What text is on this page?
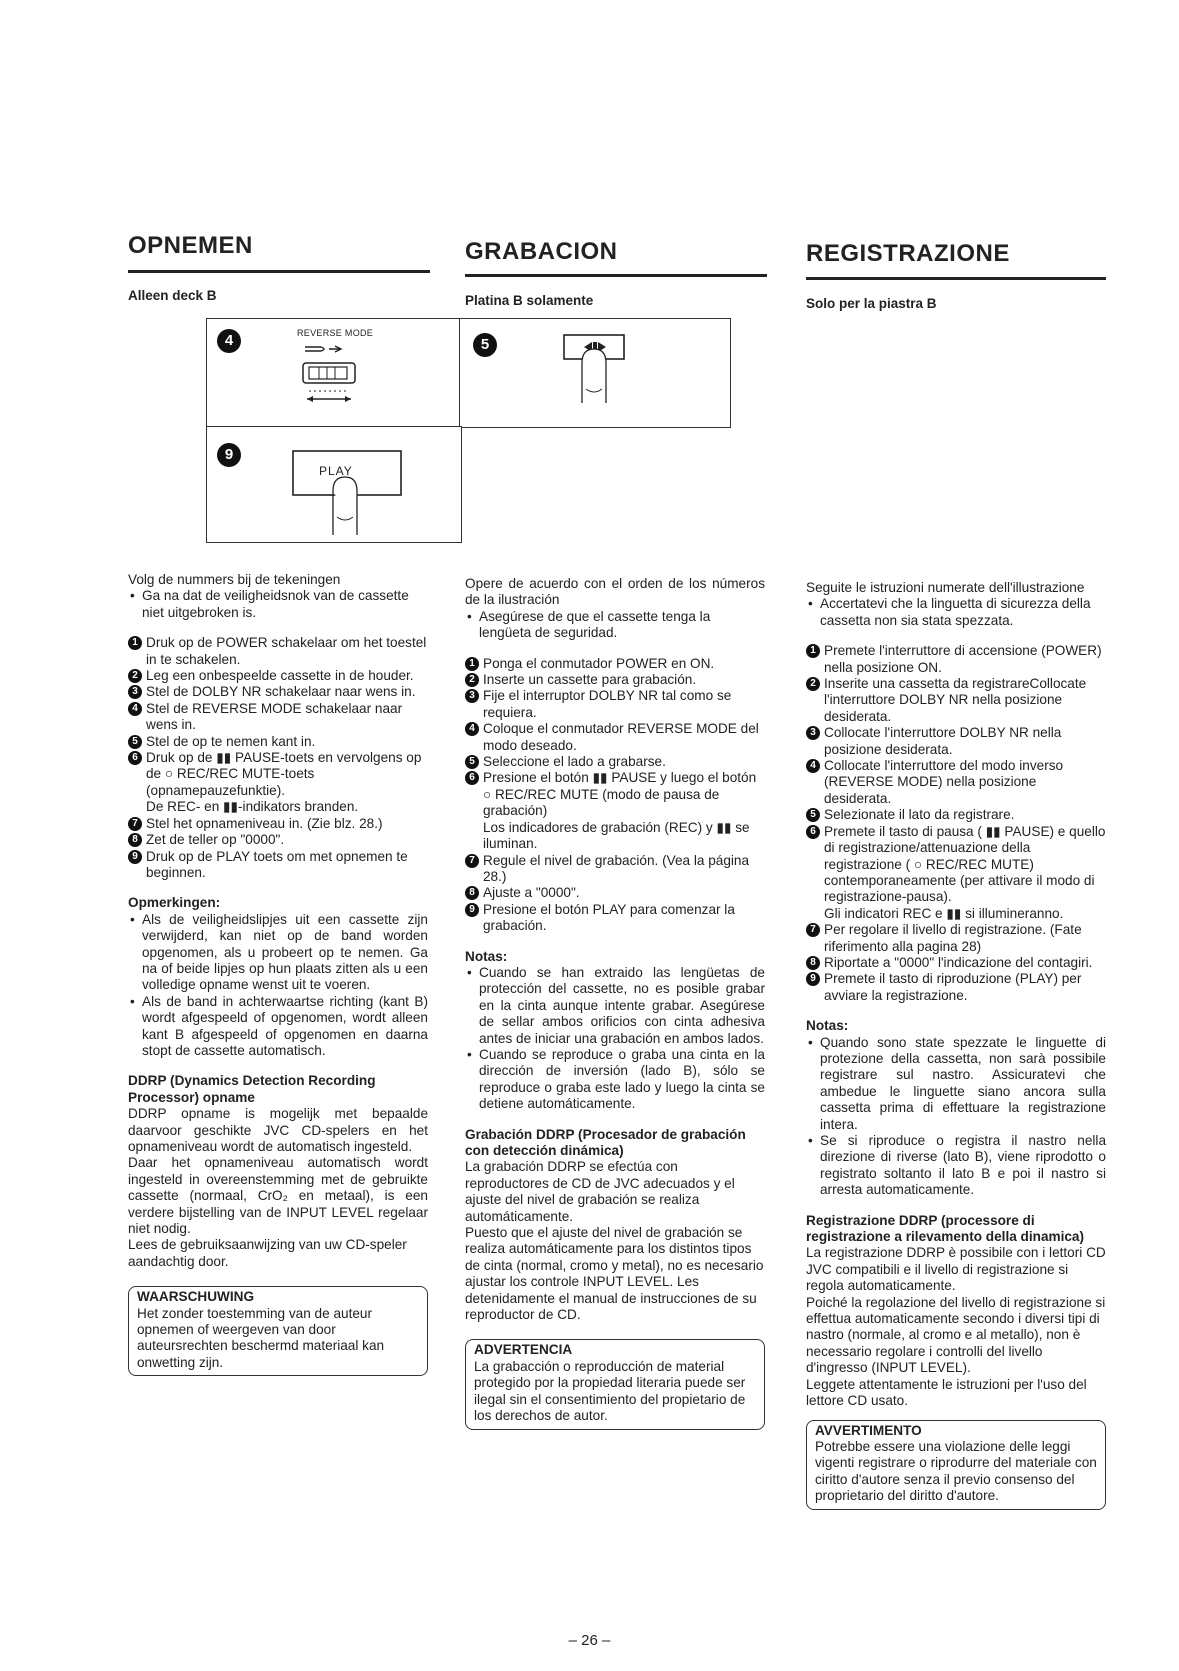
OPNEMEN
Alleen deck B
GRABACION
Platina B solamente
REGISTRAZIONE
Solo per la piastra B
4	REVERSE MODE
5
9
PLAY

Volg de nummers bij de tekeningen

• Ga na dat de veiligheidsnok van de cassette niet uitgebroken is.
1 Druk op de POWER schakelaar om het toestel in te schakelen.
2 Leg een onbespeelde cassette in de houder.
3 Stel de DOLBY NR schakelaar naar wens in.
4 Stel de REVERSE MODE schakelaar naar wens in.
5 Stel de op te nemen kant in.
6 Druk op de ▮▮ PAUSE-toets en vervolgens op de ○ REC/REC MUTE-toets (opnamepauzefunktie).
De REC- en ▮▮-indikators branden.
7 Stel het opnameniveau in. (Zie blz. 28.)
8 Zet de teller op "0000".
9 Druk op de PLAY toets om met opnemen te beginnen.

Opmerkingen:

• Als de veiligheidslipjes uit een cassette zijn verwijderd, kan niet op de band worden opgenomen, als u probeert op te nemen. Ga na of beide lipjes op hun plaats zitten als u een volledige opname wenst uit te voeren.
• Als de band in achterwaartse richting (kant B) wordt afgespeeld of opgenomen, wordt alleen kant B afgespeeld of opgenomen en daarna stopt de cassette automatisch.

DDRP (Dynamics Detection Recording Processor) opname

DDRP opname is mogelijk met bepaalde daarvoor geschikte JVC CD-spelers en het opnameniveau wordt de automatisch ingesteld.

Daar het opnameniveau automatisch wordt ingesteld in overeenstemming met de gebruikte cassette (normaal, CrO₂ en metaal), is een verdere bijstelling van de INPUT LEVEL regelaar niet nodig.

Lees de gebruiksaanwijzing van uw CD-speler aandachtig door.

WAARSCHUWING
Het zonder toestemming van de auteur opnemen of weergeven van door auteursrechten beschermd materiaal kan onwetting zijn.

Opere de acuerdo con el orden de los números de la ilustración

• Asegúrese de que el cassette tenga la lengüeta de seguridad.
1 Ponga el conmutador POWER en ON.
2 Inserte un cassette para grabación.
3 Fije el interruptor DOLBY NR tal como se requiera.
4 Coloque el conmutador REVERSE MODE del modo deseado.
5 Seleccione el lado a grabarse.
6 Presione el botón ▮▮ PAUSE y luego el botón ○ REC/REC MUTE (modo de pausa de grabación)
Los indicadores de grabación (REC) y ▮▮ se iluminan.
7 Regule el nivel de grabación. (Vea la página 28.)
8 Ajuste a "0000".
9 Presione el botón PLAY para comenzar la grabación.

Notas:

• Cuando se han extraido las lengüetas de protección del cassette, no es posible grabar en la cinta aunque intente grabar. Asegúrese de sellar ambos orificios con cinta adhesiva antes de iniciar una grabación en ambos lados.
• Cuando se reproduce o graba una cinta en la dirección de inversión (lado B), sólo se reproduce o graba este lado y luego la cinta se detiene automáticamente.

Grabación DDRP (Procesador de grabación con detección dinámica)

La grabación DDRP se efectúa con reproductores de CD de JVC adecuados y el ajuste del nivel de grabación se realiza automáticamente.

Puesto que el ajuste del nivel de grabación se realiza automáticamente para los distintos tipos de cinta (normal, cromo y metal), no es necesario ajustar los controle INPUT LEVEL. Les detenidamente el manual de instrucciones de su reproductor de CD.

ADVERTENCIA
La grabacción o reproducción de material protegido por la propiedad literaria puede ser ilegal sin el consentimiento del propietario de los derechos de autor.

Seguite le istruzioni numerate dell'illustrazione

• Accertatevi che la linguetta di sicurezza della cassetta non sia stata spezzata.
1 Premete l'interruttore di accensione (POWER) nella posizione ON.
2 Inserite una cassetta da registrareCollocate l'interruttore DOLBY NR nella posizione desiderata.
3 Collocate l'interruttore DOLBY NR nella posizione desiderata.
4 Collocate l'interruttore del modo inverso (REVERSE MODE) nella posizione desiderata.
5 Selezionate il lato da registrare.
6 Premete il tasto di pausa ( ▮▮ PAUSE) e quello di registrazione/attenuazione della registrazione ( ○ REC/REC MUTE) contemporaneamente (per attivare il modo di registrazione-pausa).
Gli indicatori REC e ▮▮ si illumineranno.
7 Per regolare il livello di registrazione. (Fate riferimento alla pagina 28)
8 Riportate a "0000" l'indicazione del contagiri.
9 Premete il tasto di riproduzione (PLAY) per avviare la registrazione.

Notas:

• Quando sono state spezzate le linguette di protezione della cassetta, non sarà possibile registrare sul nastro. Assicuratevi che ambedue le linguette siano ancora sulla cassetta prima di effettuare la registrazione intera.
• Se si riproduce o registra il nastro nella direzione di riverse (lato B), viene riprodotto o registrato soltanto il lato B e poi il nastro si arresta automaticamente.

Registrazione DDRP (processore di registrazione a rilevamento della dinamica)

La registrazione DDRP è possibile con i lettori CD JVC compatibili e il livello di registrazione si regola automaticamente.

Poiché la regolazione del livello di registrazione si effettua automaticamente secondo i diversi tipi di nastro (normale, al cromo e al metallo), non è necessario regolare i controlli del livello d'ingresso (INPUT LEVEL).

Leggete attentamente le istruzioni per l'uso del lettore CD usato.

AVVERTIMENTO
Potrebbe essere una violazione delle leggi vigenti registrare o riprodurre del materiale con ciritto d'autore senza il previo consenso del proprietario del diritto d'autore.
– 26 –
